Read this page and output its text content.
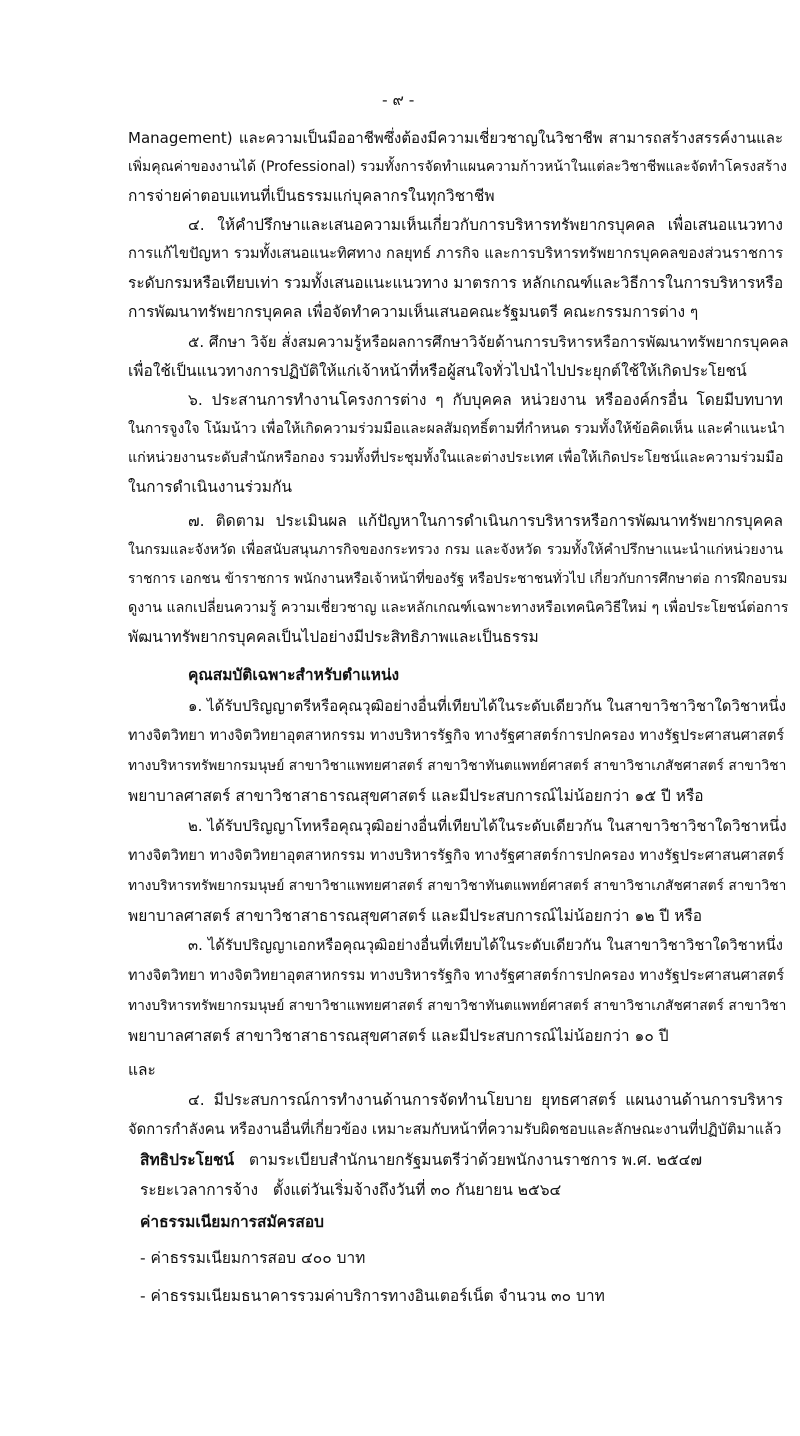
- ๙ -
Management) และความเป็นมืออาชีพซึ่งต้องมีความเชี่ยวชาญในวิชาชีพ สามารถสร้างสรรค์งานและ
เพิ่มคุณค่าของงานได้ (Professional) รวมทั้งการจัดทำแผนความก้าวหน้าในแต่ละวิชาชีพและจัดทำโครงสร้าง
การจ่ายค่าตอบแทนที่เป็นธรรมแก่บุคลากรในทุกวิชาชีพ
๔. ให้คำปรึกษาและเสนอความเห็นเกี่ยวกับการบริหารทรัพยากรบุคคล เพื่อเสนอแนวทาง
การแก้ไขปัญหา รวมทั้งเสนอแนะทิศทาง กลยุทธ์ ภารกิจ และการบริหารทรัพยากรบุคคลของส่วนราชการ
ระดับกรมหรือเทียบเท่า รวมทั้งเสนอแนะแนวทาง มาตรการ หลักเกณฑ์และวิธีการในการบริหารหรือ
การพัฒนาทรัพยากรบุคคล เพื่อจัดทำความเห็นเสนอคณะรัฐมนตรี คณะกรรมการต่าง ๆ
๕. ศึกษา วิจัย สั่งสมความรู้หรือผลการศึกษาวิจัยด้านการบริหารหรือการพัฒนาทรัพยากรบุคคล
เพื่อใช้เป็นแนวทางการปฏิบัติให้แก่เจ้าหน้าที่หรือผู้สนใจทั่วไปนำไปประยุกต์ใช้ให้เกิดประโยชน์
๖. ประสานการทำงานโครงการต่าง ๆ กับบุคคล หน่วยงาน หรือองค์กรอื่น โดยมีบทบาท
ในการจูงใจ โน้มน้าว เพื่อให้เกิดความร่วมมือและผลสัมฤทธิ์ตามที่กำหนด รวมทั้งให้ข้อคิดเห็น และคำแนะนำ
แก่หน่วยงานระดับสำนักหรือกอง รวมทั้งที่ประชุมทั้งในและต่างประเทศ เพื่อให้เกิดประโยชน์และความร่วมมือ
ในการดำเนินงานร่วมกัน
๗. ติดตาม ประเมินผล แก้ปัญหาในการดำเนินการบริหารหรือการพัฒนาทรัพยากรบุคคล
ในกรมและจังหวัด เพื่อสนับสนุนภารกิจของกระทรวง กรม และจังหวัด รวมทั้งให้คำปรึกษาแนะนำแก่หน่วยงาน
ราชการ เอกชน ข้าราชการ พนักงานหรือเจ้าหน้าที่ของรัฐ หรือประชาชนทั่วไป เกี่ยวกับการศึกษาต่อ การฝึกอบรม
ดูงาน แลกเปลี่ยนความรู้ ความเชี่ยวชาญ และหลักเกณฑ์เฉพาะทางหรือเทคนิควิธีใหม่ ๆ เพื่อประโยชน์ต่อการ
พัฒนาทรัพยากรบุคคลเป็นไปอย่างมีประสิทธิภาพและเป็นธรรม
คุณสมบัติเฉพาะสำหรับตำแหน่ง
๑. ได้รับปริญญาตรีหรือคุณวุฒิอย่างอื่นที่เทียบได้ในระดับเดียวกัน ในสาขาวิชาวิชาใดวิชาหนึ่ง
ทางจิตวิทยา ทางจิตวิทยาอุตสาหกรรม ทางบริหารรัฐกิจ ทางรัฐศาสตร์การปกครอง ทางรัฐประศาสนศาสตร์
ทางบริหารทรัพยากรมนุษย์ สาขาวิชาแพทยศาสตร์ สาขาวิชาทันตแพทย์ศาสตร์ สาขาวิชาเภสัชศาสตร์ สาขาวิชา
พยาบาลศาสตร์ สาขาวิชาสาธารณสุขศาสตร์ และมีประสบการณ์ไม่น้อยกว่า ๑๕ ปี หรือ
๒. ได้รับปริญญาโทหรือคุณวุฒิอย่างอื่นที่เทียบได้ในระดับเดียวกัน ในสาขาวิชาวิชาใดวิชาหนึ่ง
ทางจิตวิทยา ทางจิตวิทยาอุตสาหกรรม ทางบริหารรัฐกิจ ทางรัฐศาสตร์การปกครอง ทางรัฐประศาสนศาสตร์
ทางบริหารทรัพยากรมนุษย์ สาขาวิชาแพทยศาสตร์ สาขาวิชาทันตแพทย์ศาสตร์ สาขาวิชาเภสัชศาสตร์ สาขาวิชา
พยาบาลศาสตร์ สาขาวิชาสาธารณสุขศาสตร์ และมีประสบการณ์ไม่น้อยกว่า ๑๒ ปี หรือ
๓. ได้รับปริญญาเอกหรือคุณวุฒิอย่างอื่นที่เทียบได้ในระดับเดียวกัน ในสาขาวิชาวิชาใดวิชาหนึ่ง
ทางจิตวิทยา ทางจิตวิทยาอุตสาหกรรม ทางบริหารรัฐกิจ ทางรัฐศาสตร์การปกครอง ทางรัฐประศาสนศาสตร์
ทางบริหารทรัพยากรมนุษย์ สาขาวิชาแพทยศาสตร์ สาขาวิชาทันตแพทย์ศาสตร์ สาขาวิชาเภสัชศาสตร์ สาขาวิชา
พยาบาลศาสตร์ สาขาวิชาสาธารณสุขศาสตร์ และมีประสบการณ์ไม่น้อยกว่า ๑๐ ปี
และ
๔. มีประสบการณ์การทำงานด้านการจัดทำนโยบาย ยุทธศาสตร์ แผนงานด้านการบริหาร
จัดการกำลังคน หรืองานอื่นที่เกี่ยวข้อง เหมาะสมกับหน้าที่ความรับผิดชอบและลักษณะงานที่ปฏิบัติมาแล้ว
สิทธิประโยชน์ ตามระเบียบสำนักนายกรัฐมนตรีว่าด้วยพนักงานราชการ พ.ศ. ๒๕๔๗
ระยะเวลาการจ้าง ตั้งแต่วันเริ่มจ้างถึงวันที่ ๓๐ กันยายน ๒๕๖๔
ค่าธรรมเนียมการสมัครสอบ
- ค่าธรรมเนียมการสอบ ๔๐๐ บาท
- ค่าธรรมเนียมธนาคารรวมค่าบริการทางอินเตอร์เน็ต จำนวน ๓๐ บาท
